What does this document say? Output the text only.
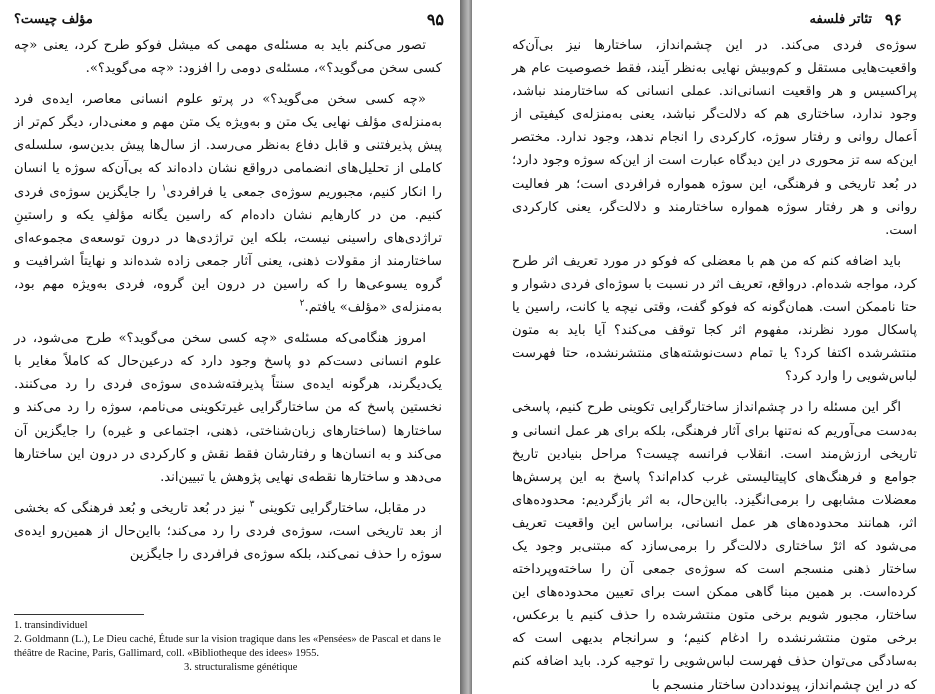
۹۵
مؤلف چیست؟

تصور می‌کنم باید به مسئله‌ی مهمی که میشل فوکو طرح کرد، یعنی «چه کسی سخن می‌گوید؟»، مسئله‌ی دومی را افزود: «چه می‌گوید؟».

«چه کسی سخن می‌گوید؟» در پرتو علوم انسانی معاصر، ایده‌ی فرد به‌منزله‌ی مؤلف نهایی یک متن و به‌ویژه یک متن مهم و معنی‌دار، دیگر کم‌تر از پیش پذیرفتنی و قابل دفاع به‌نظر می‌رسد. از سال‌ها پیش بدین‌سو، سلسله‌ی کاملی از تحلیل‌های انضمامی درواقع نشان داده‌اند که بی‌آن‌که سوژه یا انسان را انکار کنیم، مجبوریم سوژه‌ی جمعی یا فرافردی$^۱$ را جایگزین سوژه‌ی فردی کنیم. من در کارهایم نشان داده‌ام که راسین یگانه مؤلفِ یکه و راستینِ تراژدی‌های راسینی نیست، بلکه این تراژدی‌ها در درون توسعه‌ی مجموعه‌ای ساختارمند از مقولات ذهنی، یعنی آثار جمعی زاده شده‌اند و نهایتاً اشرافیت و گروه یسوعی‌ها را که راسین در درون این گروه، فردی به‌ویژه مهم بود، به‌منزله‌ی «مؤلف» یافتم.$^۲$

امروز هنگامی‌که مسئله‌ی «چه کسی سخن می‌گوید؟» طرح می‌شود، در علوم انسانی دست‌کم دو پاسخ وجود دارد که درعین‌حال که کاملاً مغایر با یک‌دیگرند، هرگونه ایده‌ی سنتاً پذیرفته‌شده‌ی سوژه‌ی فردی را رد می‌کنند. نخستین پاسخ که من ساختارگرایی غیرتکوینی می‌نامم، سوژه را رد می‌کند و ساختارها (ساختارهای زبان‌شناختی، ذهنی، اجتماعی و غیره) را جایگزین آن می‌کند و به انسان‌ها و رفتارشان فقط نقش و کارکردی در درون این ساختارها می‌دهد و ساختارها نقطه‌ی نهایی پژوهش یا تبیین‌اند.

در مقابل، ساختارگرایی تکوینی $^۳$ نیز در بُعد تاریخی و بُعد فرهنگی که بخشی از بعد تاریخی است، سوژه‌ی فردی را رد می‌کند؛ بااین‌حال از همین‌رو ایده‌ی سوژه را حذف نمی‌کند، بلکه سوژه‌ی فرافردی را جایگزین

1. transindividuel

2. Goldmann (L.), Le Dieu caché, Étude sur la vision tragique dans les «Pensées» de Pascal et dans le théâtre de Racine, Paris, Gallimard, coll. «Bibliotheque des idees» 1955.

3. structuralisme génétique

۹۶
تئاتر فلسفه

سوژه‌ی فردی می‌کند. در این چشم‌انداز، ساختارها نیز بی‌آن‌که واقعیت‌هایی مستقل و کم‌وبیش نهایی به‌نظر آیند، فقط خصوصیت عام هر پراکسیس و هر واقعیت انسانی‌اند. عملی انسانی که ساختارمند نباشد، وجود ندارد، ساختاری هم که دلالت‌گر نباشد، یعنی به‌منزله‌ی کیفیتی از اَعمال روانی و رفتار سوژه، کارکردی را انجام ندهد، وجود ندارد. مختصر این‌که سه تز محوری در این دیدگاه عبارت است از این‌که سوژه وجود دارد؛ در بُعد تاریخی و فرهنگی، این سوژه همواره فرافردی است؛ هر فعالیت روانی و هر رفتار سوژه همواره ساختارمند و دلالت‌گر، یعنی کارکردی است.

باید اضافه کنم که من هم با معضلی که فوکو در مورد تعریف اثر طرح کرد، مواجه شده‌ام. درواقع، تعریف اثر در نسبت با سوژه‌ای فردی دشوار و حتا ناممکن است. همان‌گونه که فوکو گفت، وقتی نیچه یا کانت، راسین یا پاسکال مورد نظرند، مفهوم اثر کجا توقف می‌کند؟ آیا باید به متون منتشرشده اکتفا کرد؟ یا تمام دست‌نوشته‌های منتشرنشده، حتا فهرست لباس‌شویی را وارد کرد؟

اگر این مسئله را در چشم‌انداز ساختارگرایی تکوینی طرح کنیم، پاسخی به‌دست می‌آوریم که نه‌تنها برای آثار فرهنگی، بلکه برای هر عمل انسانی و تاریخی ارزش‌مند است. انقلاب فرانسه چیست؟ مراحل بنیادین تاریخ جوامع و فرهنگ‌های کاپیتالیستی غرب کدام‌اند؟ پاسخ به این پرسش‌ها معضلات مشابهی را برمی‌انگیزد. بااین‌حال، به اثر بازگردیم: محدوده‌های اثر، همانند محدوده‌های هر عمل انسانی، براساس این واقعیت تعریف می‌شود که اثرْ ساختاری دلالت‌گر را برمی‌سازد که مبتنی‌بر وجود یک ساختار ذهنی منسجم است که سوژه‌ی جمعی آن را ساخته‌وپرداخته کرده‌است. بر همین مبنا گاهی ممکن است برای تعیین محدوده‌های این ساختار، مجبور شویم برخی متون منتشرشده را حذف کنیم یا برعکس، برخی متون منتشرنشده را ادغام کنیم؛ و سرانجام بدیهی است که به‌سادگی می‌توان حذف فهرست لباس‌شویی را توجیه کرد. باید اضافه کنم که در این چشم‌انداز، پیونددادن ساختار منسجم با
